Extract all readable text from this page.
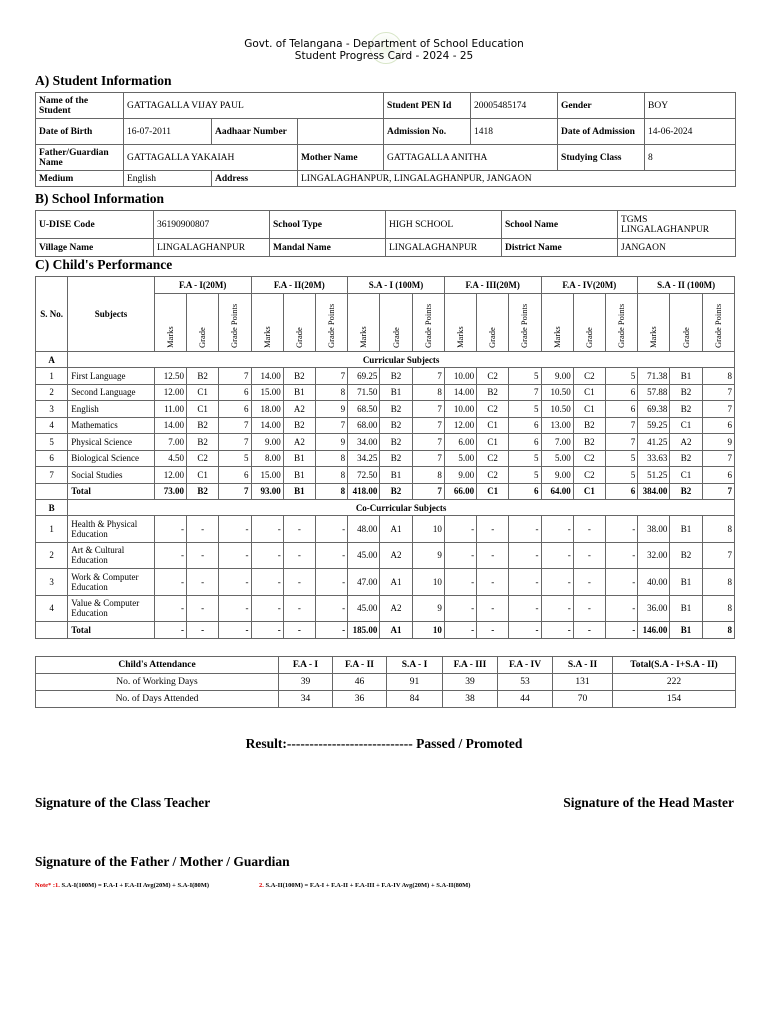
Govt. of Telangana - Department of School Education
Student Progress Card - 2024 - 25
A) Student Information
Name of the Student	GATTAGALLA VIJAY PAUL			Student PEN Id	20005485174	Gender	BOY
Date of Birth	16-07-2011	Aadhaar Number		Admission No.	1418	Date of Admission	14-06-2024
Father/Guardian Name	GATTAGALLA YAKAIAH		Mother Name	GATTAGALLA ANITHA		Studying Class	8
Medium	English	Address	LINGALAGHANPUR, LINGALAGHANPUR, JANGAON				
B) School Information
U-DISE Code	36190900807	School Type	HIGH SCHOOL	School Name	TGMS LINGALAGHANPUR
Village Name	LINGALAGHANPUR	Mandal Name	LINGALAGHANPUR	District Name	JANGAON
C) Child's Performance
S. No.	Subjects	F.A - I(20M)			F.A - II(20M)			S.A - I (100M)			F.A - III(20M)			F.A - IV(20M)			S.A - II (100M)		
		Marks	Grade	Grade Points	Marks	Grade	Grade Points	Marks	Grade	Grade Points	Marks	Grade	Grade Points	Marks	Grade	Grade Points	Marks	Grade	Grade Points
A	Curricular Subjects																		
1	First Language	12.50	B2	7	14.00	B2	7	69.25	B2	7	10.00	C2	5	9.00	C2	5	71.38	B1	8
2	Second Language	12.00	C1	6	15.00	B1	8	71.50	B1	8	14.00	B2	7	10.50	C1	6	57.88	B2	7
3	English	11.00	C1	6	18.00	A2	9	68.50	B2	7	10.00	C2	5	10.50	C1	6	69.38	B2	7
4	Mathematics	14.00	B2	7	14.00	B2	7	68.00	B2	7	12.00	C1	6	13.00	B2	7	59.25	C1	6
5	Physical Science	7.00	B2	7	9.00	A2	9	34.00	B2	7	6.00	C1	6	7.00	B2	7	41.25	A2	9
6	Biological Science	4.50	C2	5	8.00	B1	8	34.25	B2	7	5.00	C2	5	5.00	C2	5	33.63	B2	7
7	Social Studies	12.00	C1	6	15.00	B1	8	72.50	B1	8	9.00	C2	5	9.00	C2	5	51.25	C1	6
	Total	73.00	B2	7	93.00	B1	8	418.00	B2	7	66.00	C1	6	64.00	C1	6	384.00	B2	7
B	Co-Curricular Subjects																		
1	Health & Physical Education	-	-	-	-	-	-	48.00	A1	10	-	-	-	-	-	-	38.00	B1	8
2	Art & Cultural Education	-	-	-	-	-	-	45.00	A2	9	-	-	-	-	-	-	32.00	B2	7
3	Work & Computer Education	-	-	-	-	-	-	47.00	A1	10	-	-	-	-	-	-	40.00	B1	8
4	Value & Computer Education	-	-	-	-	-	-	45.00	A2	9	-	-	-	-	-	-	36.00	B1	8
	Total	-	-	-	-	-	-	185.00	A1	10	-	-	-	-	-	-	146.00	B1	8
Child's Attendance	F.A - I	F.A - II	S.A - I	F.A - III	F.A - IV	S.A - II	Total(S.A - I+S.A - II)
No. of Working Days	39	46	91	39	53	131	222
No. of Days Attended	34	36	84	38	44	70	154
Result:---------------------------- Passed / Promoted
Signature of the Class Teacher	Signature of the Head Master
Signature of the Father / Mother / Guardian
Note* :1. S.A-I(100M) = F.A-I + F.A-II Avg(20M) + S.A-I(80M)	2. S.A-II(100M) = F.A-I + F.A-II + F.A-III + F.A-IV Avg(20M) + S.A-II(80M)
